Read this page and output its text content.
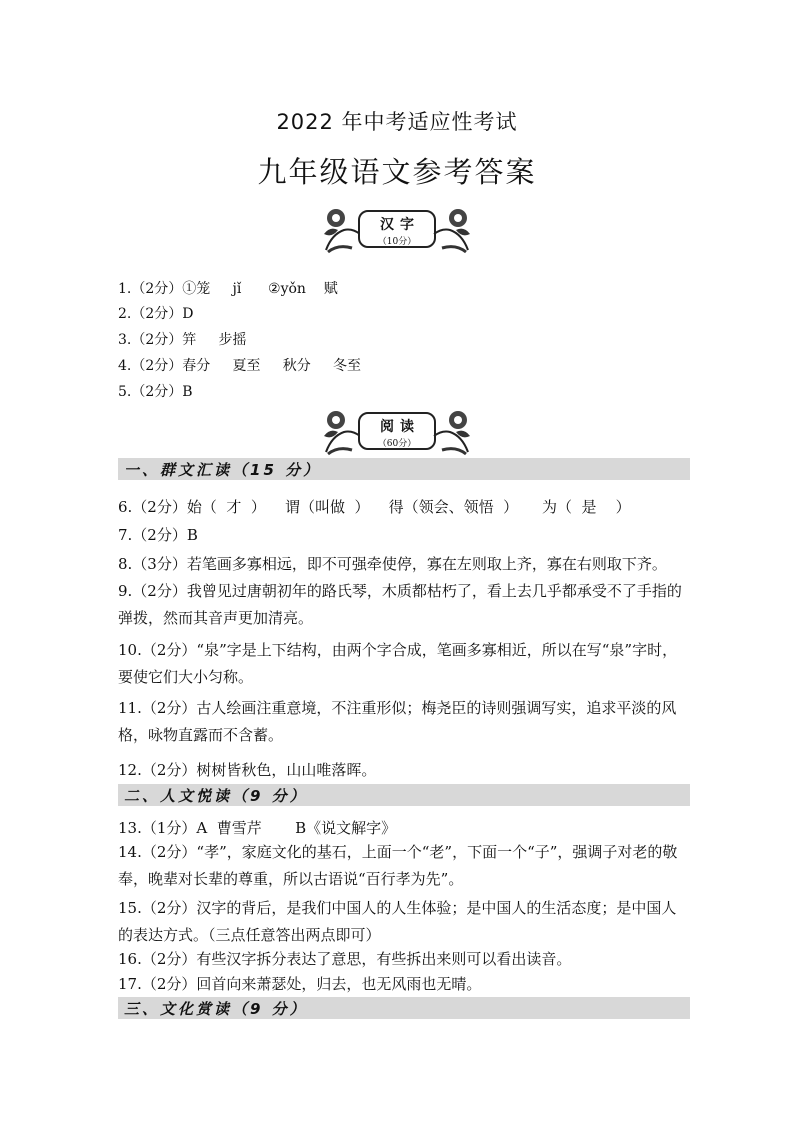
2022 年中考适应性考试
九年级语文参考答案
汉字
（10分）
1.（2分）①笼     jǐ      ②yǒn    赋
2.（2分）D
3.（2分）笄     步摇
4.（2分）春分     夏至     秋分     冬至
5.（2分）B
阅读
（60分）
一、群文汇读（15 分）
6.（2分）始（  才  ）    谓（叫做  ）    得（领会、领悟  ）     为（  是    ）
7.（2分）B
8.（3分）若笔画多寡相远，即不可强牵使停，寡在左则取上齐，寡在右则取下齐。
9.（2分）我曾见过唐朝初年的路氏琴，木质都枯朽了，看上去几乎都承受不了手指的弹拨，然而其音声更加清亮。
10.（2分）“泉”字是上下结构，由两个字合成，笔画多寡相近，所以在写“泉”字时，要使它们大小匀称。
11.（2分）古人绘画注重意境，不注重形似；梅尧臣的诗则强调写实，追求平淡的风格，咏物直露而不含蓄。
12.（2分）树树皆秋色，山山唯落晖。
二、人文悦读（9 分）
13.（1分）A  曹雪芹       B《说文解字》
14.（2分）“孝”，家庭文化的基石，上面一个“老”，下面一个“子”，强调子对老的敬奉，晚辈对长辈的尊重，所以古语说“百行孝为先”。
15.（2分）汉字的背后，是我们中国人的人生体验；是中国人的生活态度；是中国人的表达方式。（三点任意答出两点即可）
16.（2分）有些汉字拆分表达了意思，有些拆出来则可以看出读音。
17.（2分）回首向来萧瑟处，归去，也无风雨也无晴。
三、文化赏读（9 分）
